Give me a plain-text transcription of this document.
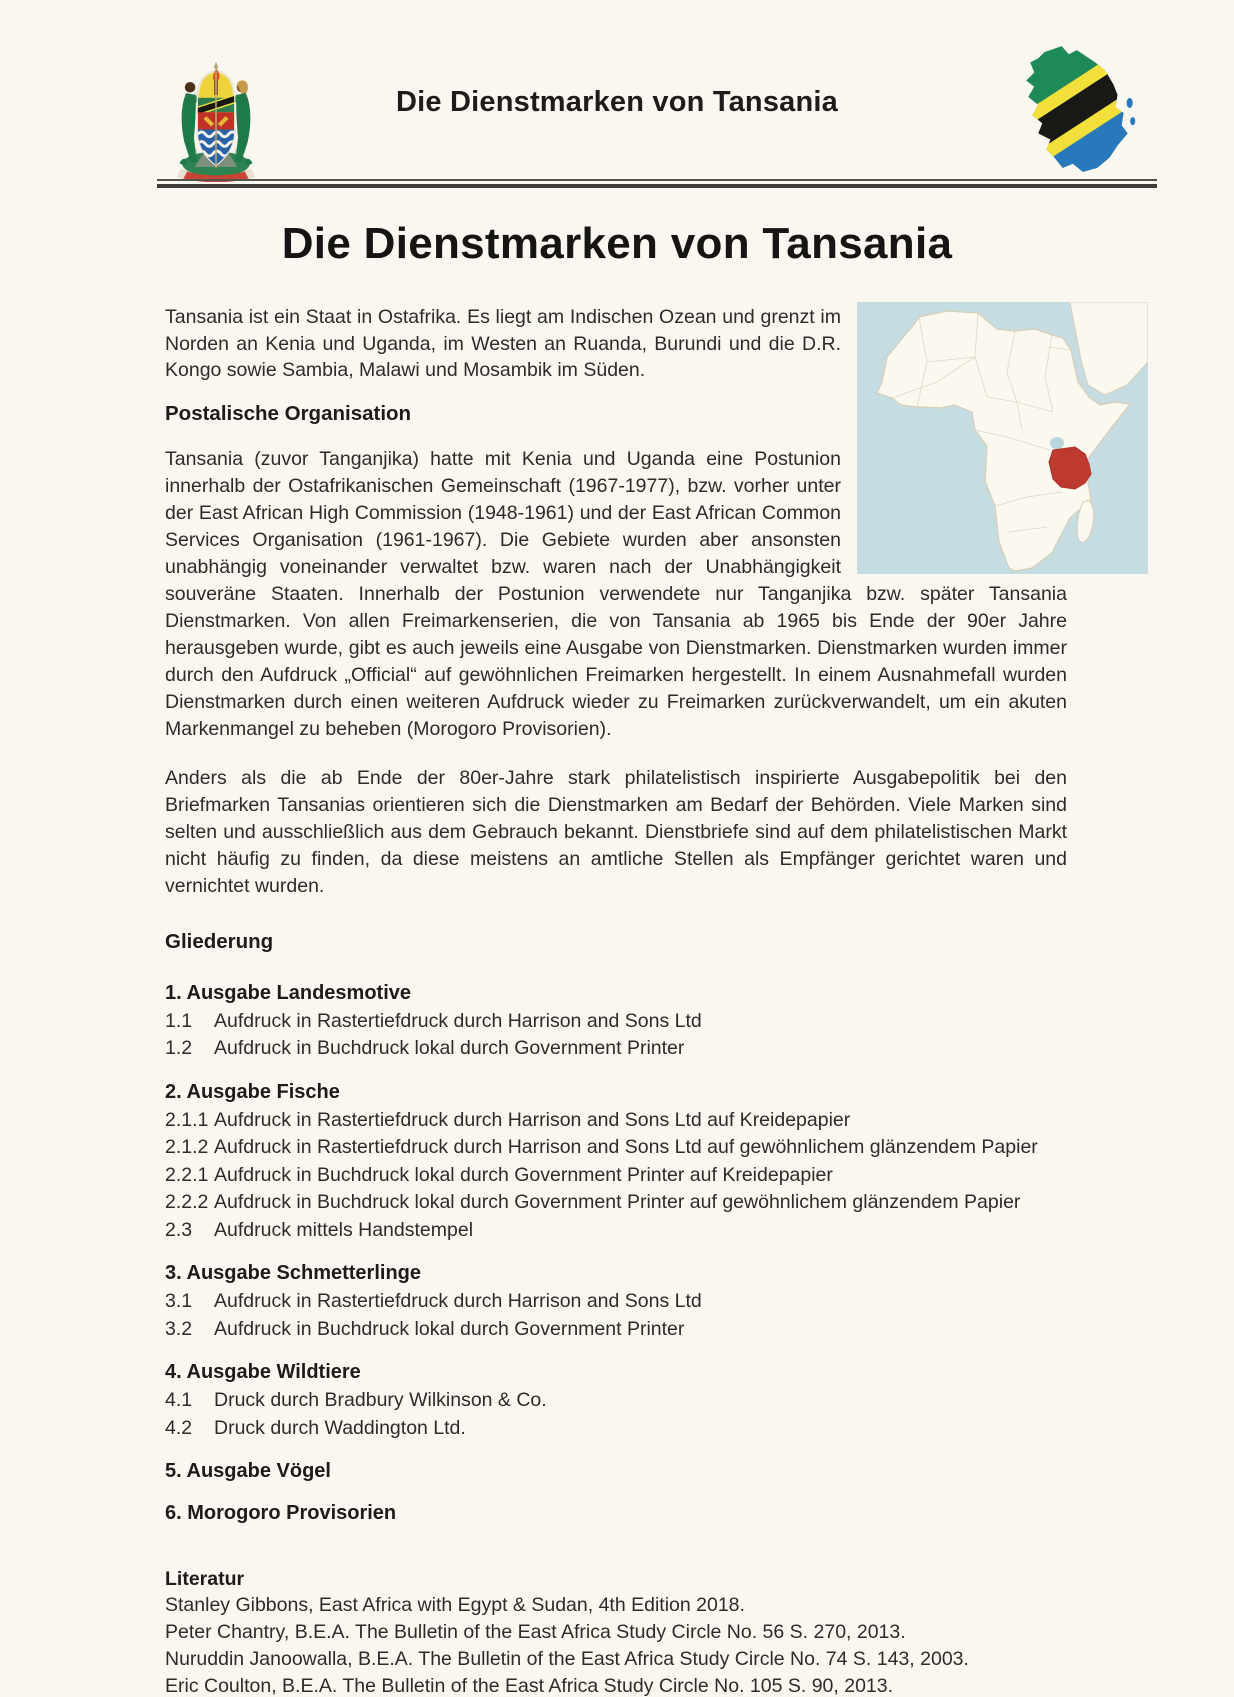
Die Dienstmarken von Tansania
Die Dienstmarken von Tansania

Tansania ist ein Staat in Ostafrika. Es liegt am Indischen Ozean und grenzt im Norden an Kenia und Uganda, im Westen an Ruanda, Burundi und die D.R. Kongo sowie Sambia, Malawi und Mosambik im Süden.

Postalische Organisation

Tansania (zuvor Tanganjika) hatte mit Kenia und Uganda eine Postunion innerhalb der Ostafrikanischen Gemeinschaft (1967-1977), bzw. vorher unter der East African High Commission (1948-1961) und der East African Common Services Organisation (1961-1967). Die Gebiete wurden aber ansonsten unabhängig voneinander verwaltet bzw. waren nach der Unabhängigkeit souveräne Staaten. Innerhalb der Postunion verwendete nur Tanganjika bzw. später Tansania Dienstmarken. Von allen Freimarkenserien, die von Tansania ab 1965 bis Ende der 90er Jahre herausgeben wurde, gibt es auch jeweils eine Ausgabe von Dienstmarken. Dienstmarken wurden immer durch den Aufdruck „Official“ auf gewöhnlichen Freimarken hergestellt. In einem Ausnahmefall wurden Dienstmarken durch einen weiteren Aufdruck wieder zu Freimarken zurückverwandelt, um ein akuten Markenmangel zu beheben (Morogoro Provisorien).

Anders als die ab Ende der 80er-Jahre stark philatelistisch inspirierte Ausgabepolitik bei den Briefmarken Tansanias orientieren sich die Dienstmarken am Bedarf der Behörden. Viele Marken sind selten und ausschließlich aus dem Gebrauch bekannt. Dienstbriefe sind auf dem philatelistischen Markt nicht häufig zu finden, da diese meistens an amtliche Stellen als Empfänger gerichtet waren und vernichtet wurden.

Gliederung
1. Ausgabe Landesmotive
1.1	Aufdruck in Rastertiefdruck durch Harrison and Sons Ltd
1.2	Aufdruck in Buchdruck lokal durch Government Printer
2. Ausgabe Fische
2.1.1 Aufdruck in Rastertiefdruck durch Harrison and Sons Ltd auf Kreidepapier
2.1.2 Aufdruck in Rastertiefdruck durch Harrison and Sons Ltd auf gewöhnlichem glänzendem Papier
2.2.1 Aufdruck in Buchdruck lokal durch Government Printer auf Kreidepapier
2.2.2 Aufdruck in Buchdruck lokal durch Government Printer auf gewöhnlichem glänzendem Papier
2.3	Aufdruck mittels Handstempel
3. Ausgabe Schmetterlinge
3.1	Aufdruck in Rastertiefdruck durch Harrison and Sons Ltd
3.2	Aufdruck in Buchdruck lokal durch Government Printer
4. Ausgabe Wildtiere
4.1	Druck durch Bradbury Wilkinson & Co.
4.2	Druck durch Waddington Ltd.
5. Ausgabe Vögel
6. Morogoro Provisorien

Literatur

Stanley Gibbons, East Africa with Egypt & Sudan, 4th Edition 2018.

Peter Chantry, B.E.A. The Bulletin of the East Africa Study Circle No. 56 S. 270, 2013.

Nuruddin Janoowalla, B.E.A. The Bulletin of the East Africa Study Circle No. 74 S. 143, 2003.

Eric Coulton, B.E.A. The Bulletin of the East Africa Study Circle No. 105 S. 90, 2013.
